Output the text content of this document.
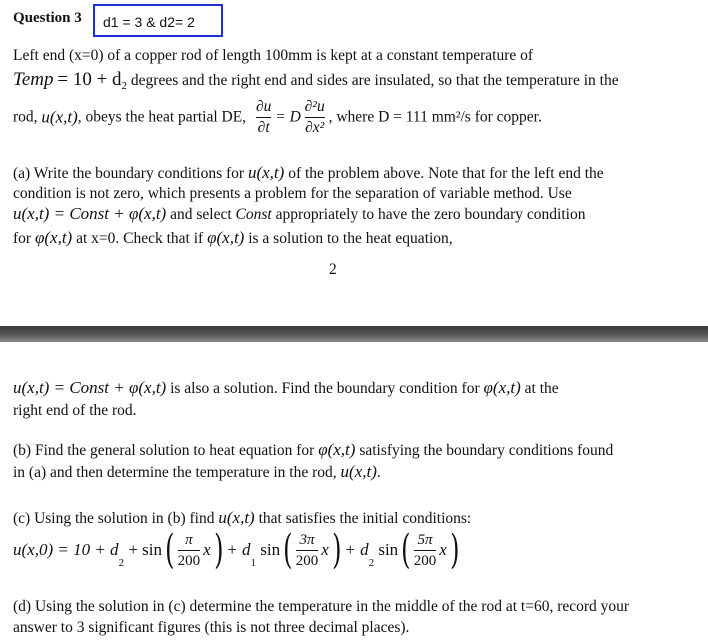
Question 3 d1 = 3 & d2= 2
Left end (x=0) of a copper rod of length 100mm is kept at a constant temperature of
Temp = $10 + d_2$ degrees and the right end and sides are insulated, so that the temperature in the
rod, u(x,t), obeys the heat partial DE, $\frac{\partial u}{\partial t} = D \frac{\text{∂²u}}{\text{∂x²}}$ , where D = 111 mm²/s for copper.
(a) Write the boundary conditions for u(x,t) of the problem above. Note that for the left end the
condition is not zero, which presents a problem for the separation of variable method. Use
u(x,t) = Const + φ(x,t) and select Const appropriately to have the zero boundary condition
for φ(x,t) at x=0. Check that if φ(x,t) is a solution to the heat equation,
2
u(x,t) = Const + φ(x,t) is also a solution. Find the boundary condition for φ(x,t) at the
right end of the rod.
(b) Find the general solution to heat equation for φ(x,t) satisfying the boundary conditions found
in (a) and then determine the temperature in the rod, u(x,t).
(c) Using the solution in (b) find u(x,t) that satisfies the initial conditions:
$u(x,0) = 10 + d_2 + \sin( \frac{\pi}{200} x) + d_1$ $\sin( \frac{3\pi}{200} x) + d_2$ $\sin( \frac{5\pi}{200} x)$
(d) Using the solution in (c) determine the temperature in the middle of the rod at t=60, record your
answer to 3 significant figures (this is not three decimal places).
